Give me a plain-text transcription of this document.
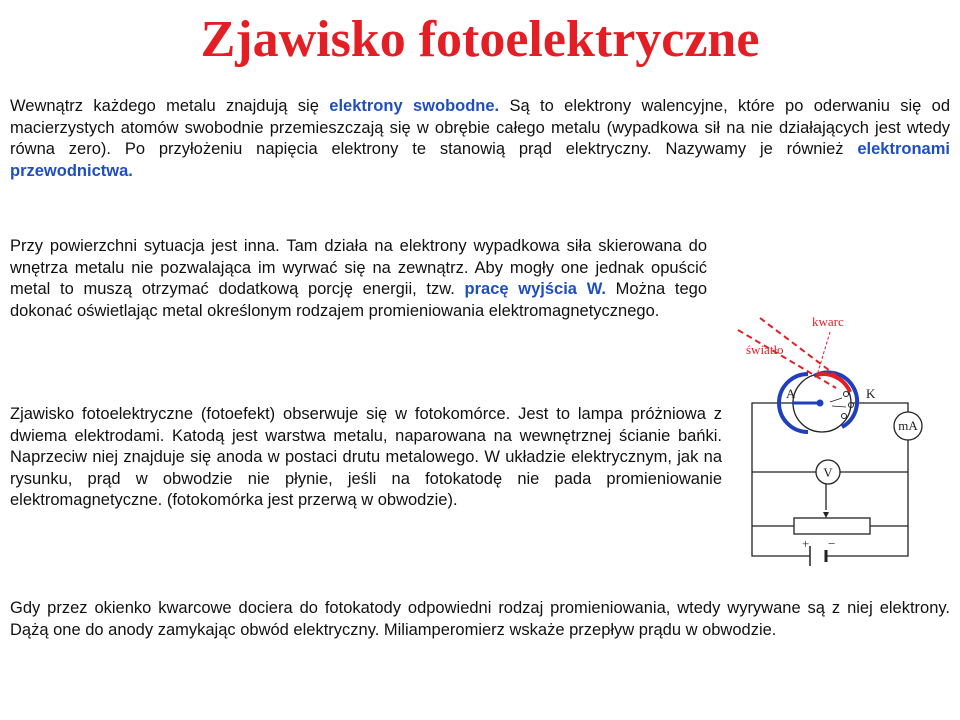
Zjawisko fotoelektryczne

Wewnątrz każdego metalu znajdują się elektrony swobodne. Są to elektrony walencyjne, które po oderwaniu się od macierzystych atomów swobodnie przemieszczają się w obrębie całego metalu (wypadkowa sił na nie działających jest wtedy równa zero). Po przyłożeniu napięcia elektrony te stanowią prąd elektryczny. Nazywamy je również elektronami przewodnictwa.

Przy powierzchni sytuacja jest inna. Tam działa na elektrony wypadkowa siła skierowana do wnętrza metalu nie pozwalająca im wyrwać się na zewnątrz. Aby mogły one jednak opuścić metal to muszą otrzymać dodatkową porcję energii, tzw. pracę wyjścia W. Można tego dokonać oświetlając metal określonym rodzajem promieniowania elektromagnetycznego.

Zjawisko fotoelektryczne (fotoefekt) obserwuje się w fotokomórce. Jest to lampa próżniowa z dwiema elektrodami. Katodą jest warstwa metalu, naparowana na wewnętrznej ścianie bańki. Naprzeciw niej znajduje się anoda w postaci drutu metalowego. W układzie elektrycznym, jak na rysunku, prąd w obwodzie nie płynie, jeśli na fotokatodę nie pada promieniowanie elektromagnetyczne. (fotokomórka jest przerwą w obwodzie).

Gdy przez okienko kwarcowe dociera do fotokatody odpowiedni rodzaj promieniowania, wtedy wyrywane są z niej elektrony. Dążą one do anody zamykając obwód elektryczny. Miliamperomierz wskaże przepływ prądu w obwodzie.

kwarc
światło
A	K
mA
V
+ −
